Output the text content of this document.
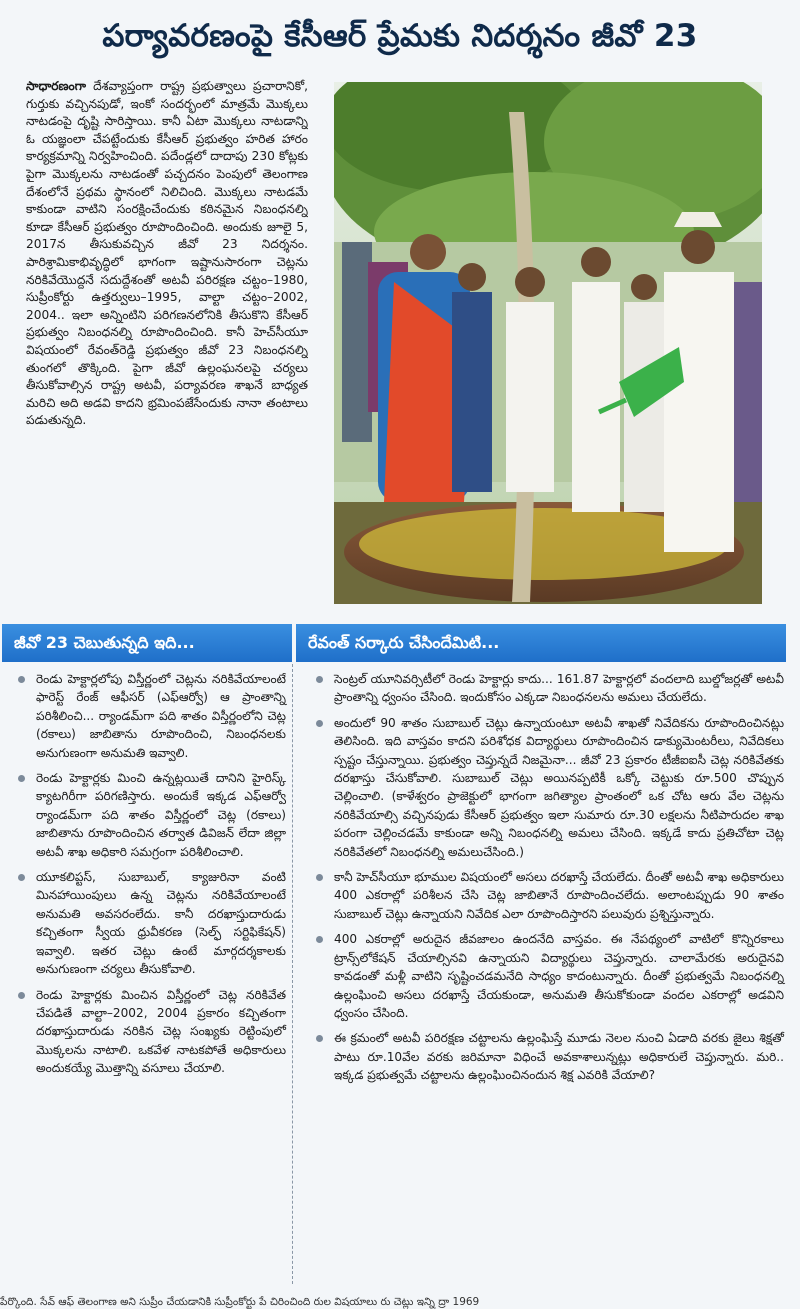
పర్యావరణంపై కేసీఆర్ ప్రేమకు నిదర్శనం జీవో 23
సాధారణంగా దేశవ్యాప్తంగా రాష్ట్ర ప్రభుత్వాలు ప్రచారానికో, గుర్తుకు వచ్చినపుడో, ఇంకో సందర్భంలో మాత్రమే మొక్కలు నాటడంపై దృష్టి సారిస్తాయి. కానీ ఏటా మొక్కలు నాటడాన్ని ఓ యజ్ఞంలా చేపట్టేందుకు కేసీఆర్ ప్రభుత్వం హరిత హారం కార్యక్రమాన్ని నిర్వహించింది. పదేండ్లలో దాదాపు 230 కోట్లకు పైగా మొక్కలను నాటడంతో పచ్చదనం పెంపులో తెలంగాణ దేశంలోనే ప్రథమ స్థానంలో నిలిచింది. మొక్కలు నాటడమే కాకుండా వాటిని సంరక్షించేందుకు కఠినమైన నిబంధనల్ని కూడా కేసీఆర్ ప్రభుత్వం రూపొందించింది. అందుకు జూలై 5, 2017న తీసుకువచ్చిన జీవో 23 నిదర్శనం. పారిశ్రామికాభివృద్ధిలో భాగంగా ఇష్టానుసారంగా చెట్లను నరికివేయొద్దనే సదుద్దేశంతో అటవీ పరిరక్షణ చట్టం–1980, సుప్రీంకోర్టు ఉత్తర్వులు–1995, వాల్టా చట్టం–2002, 2004.. ఇలా అన్నింటిని పరిగణనలోనికి తీసుకొని కేసీఆర్ ప్రభుత్వం నిబంధనల్ని రూపొందించింది. కానీ హెచ్‌సీయూ విషయంలో రేవంత్‌రెడ్డి ప్రభుత్వం జీవో 23 నిబంధనల్ని తుంగలో తొక్కింది. పైగా జీవో ఉల్లంఘనలపై చర్యలు తీసుకోవాల్సిన రాష్ట్ర అటవీ, పర్యావరణ శాఖనే బాధ్యత మరిచి అది అడవి కాదని భ్రమింపజేసేందుకు నానా తంటాలు పడుతున్నది.
జీవో 23 చెబుతున్నది ఇది...	రేవంత్ సర్కారు చేసిందేమిటి...
రెండు హెక్టార్లలోపు విస్తీర్ణంలో చెట్లను నరికివేయాలంటే ఫారెస్ట్ రేంజ్ ఆఫీసర్ (ఎఫ్ఆర్వో) ఆ ప్రాంతాన్ని పరిశీలించి... ర్యాండమ్‌గా పది శాతం విస్తీర్ణంలోని చెట్ల (రకాలు) జాబితాను రూపొందించి, నిబంధనలకు అనుగుణంగా అనుమతి ఇవ్వాలి.
రెండు హెక్టార్లకు మించి ఉన్నట్లయితే దానిని హైరిస్క్ క్యాటగిరీగా పరిగణిస్తారు. అందుకే ఇక్కడ ఎఫ్ఆర్వో ర్యాండమ్‌గా పది శాతం విస్తీర్ణంలో చెట్ల (రకాలు) జాబితాను రూపొందించిన తర్వాత డివిజన్ లేదా జిల్లా అటవీ శాఖ అధికారి సమగ్రంగా పరిశీలించాలి.
యూకలిప్టస్, సుబాబుల్, క్యాజురినా వంటి మినహాయింపులు ఉన్న చెట్లను నరికివేయాలంటే అనుమతి అవసరంలేదు. కానీ దరఖాస్తుదారుడు కచ్చితంగా స్వీయ ధ్రువీకరణ (సెల్ఫ్ సర్టిఫికేషన్) ఇవ్వాలి. ఇతర చెట్లు ఉంటే మార్గదర్శకాలకు అనుగుణంగా చర్యలు తీసుకోవాలి.
రెండు హెక్టార్లకు మించిన విస్తీర్ణంలో చెట్ల నరికివేత చేపడితే వాల్టా–2002, 2004 ప్రకారం కచ్చితంగా దరఖాస్తుదారుడు నరికిన చెట్ల సంఖ్యకు రెట్టింపులో మొక్కలను నాటాలి. ఒకవేళ నాటకపోతే అధికారులు అందుకయ్యే మొత్తాన్ని వసూలు చేయాలి.
సెంట్రల్ యూనివర్సిటీలో రెండు హెక్టార్లు కాదు... 161.87 హెక్టార్లలో వందలాది బుల్డోజర్లతో అటవీ ప్రాంతాన్ని ధ్వంసం చేసింది. ఇందుకోసం ఎక్కడా నిబంధనలను అమలు చేయలేదు.
అందులో 90 శాతం సుబాబుల్ చెట్లు ఉన్నాయంటూ అటవీ శాఖతో నివేదికను రూపొందించినట్లు తెలిసింది. ఇది వాస్తవం కాదని పరిశోధక విద్యార్థులు రూపొందించిన డాక్యుమెంటరీలు, నివేదికలు స్పష్టం చేస్తున్నాయి. ప్రభుత్వం చెప్తున్నదే నిజమైనా... జీవో 23 ప్రకారం టీజీఐఐసీ చెట్ల నరికివేతకు దరఖాస్తు చేసుకోవాలి. సుబాబుల్ చెట్లు అయినప్పటికీ ఒక్కో చెట్టుకు రూ.500 చొప్పున చెల్లించాలి. (కాళేశ్వరం ప్రాజెక్టులో భాగంగా జగిత్యాల ప్రాంతంలో ఒక చోట ఆరు వేల చెట్లను నరికివేయాల్సి వచ్చినపుడు కేసీఆర్ ప్రభుత్వం ఇలా సుమారు రూ.30 లక్షలను నీటిపారుదల శాఖ పరంగా చెల్లించడమే కాకుండా అన్ని నిబంధనల్ని అమలు చేసింది. ఇక్కడే కాదు ప్రతిచోటా చెట్ల నరికివేతలో నిబంధనల్ని అమలుచేసింది.)
కానీ హెచ్‌సీయూ భూముల విషయంలో అసలు దరఖాస్తే చేయలేదు. దీంతో అటవీ శాఖ అధికారులు 400 ఎకరాల్లో పరిశీలన చేసి చెట్ల జాబితానే రూపొందించలేదు. అలాంటప్పుడు 90 శాతం సుబాబుల్ చెట్లు ఉన్నాయని నివేదిక ఎలా రూపొందిస్తారని పలువురు ప్రశ్నిస్తున్నారు.
400 ఎకరాల్లో అరుదైన జీవజాలం ఉందనేది వాస్తవం. ఈ నేపథ్యంలో వాటిలో కొన్నిరకాలు ట్రాన్స్‌లోకేషన్ చేయాల్సినవి ఉన్నాయని విద్యార్థులు చెప్తున్నారు. చాలామేరకు అరుదైనవి కావడంతో మళ్లీ వాటిని సృష్టించడమనేది సాధ్యం కాదంటున్నారు. దీంతో ప్రభుత్వమే నిబంధనల్ని ఉల్లంఘించి అసలు దరఖాస్తే చేయకుండా, అనుమతి తీసుకోకుండా వందల ఎకరాల్లో అడవిని ధ్వంసం చేసింది.
ఈ క్రమంలో అటవీ పరిరక్షణ చట్టాలను ఉల్లంఘిస్తే మూడు నెలల నుంచి ఏడాది వరకు జైలు శిక్షతో పాటు రూ.10వేల వరకు జరిమానా విధించే అవకాశాలున్నట్లు అధికారులే చెప్తున్నారు. మరి.. ఇక్కడ ప్రభుత్వమే చట్టాలను ఉల్లంఘించినందున శిక్ష ఎవరికి వేయాలి?
పేర్కొంది. సేవ్ ఆఫ్ తెలంగాణ అని సుప్రీం చేయడానికి సుప్రీంకోర్టు పే చిరించింది రుల విషయాలు రు చెట్లు ఇన్ని ద్రా 1969
